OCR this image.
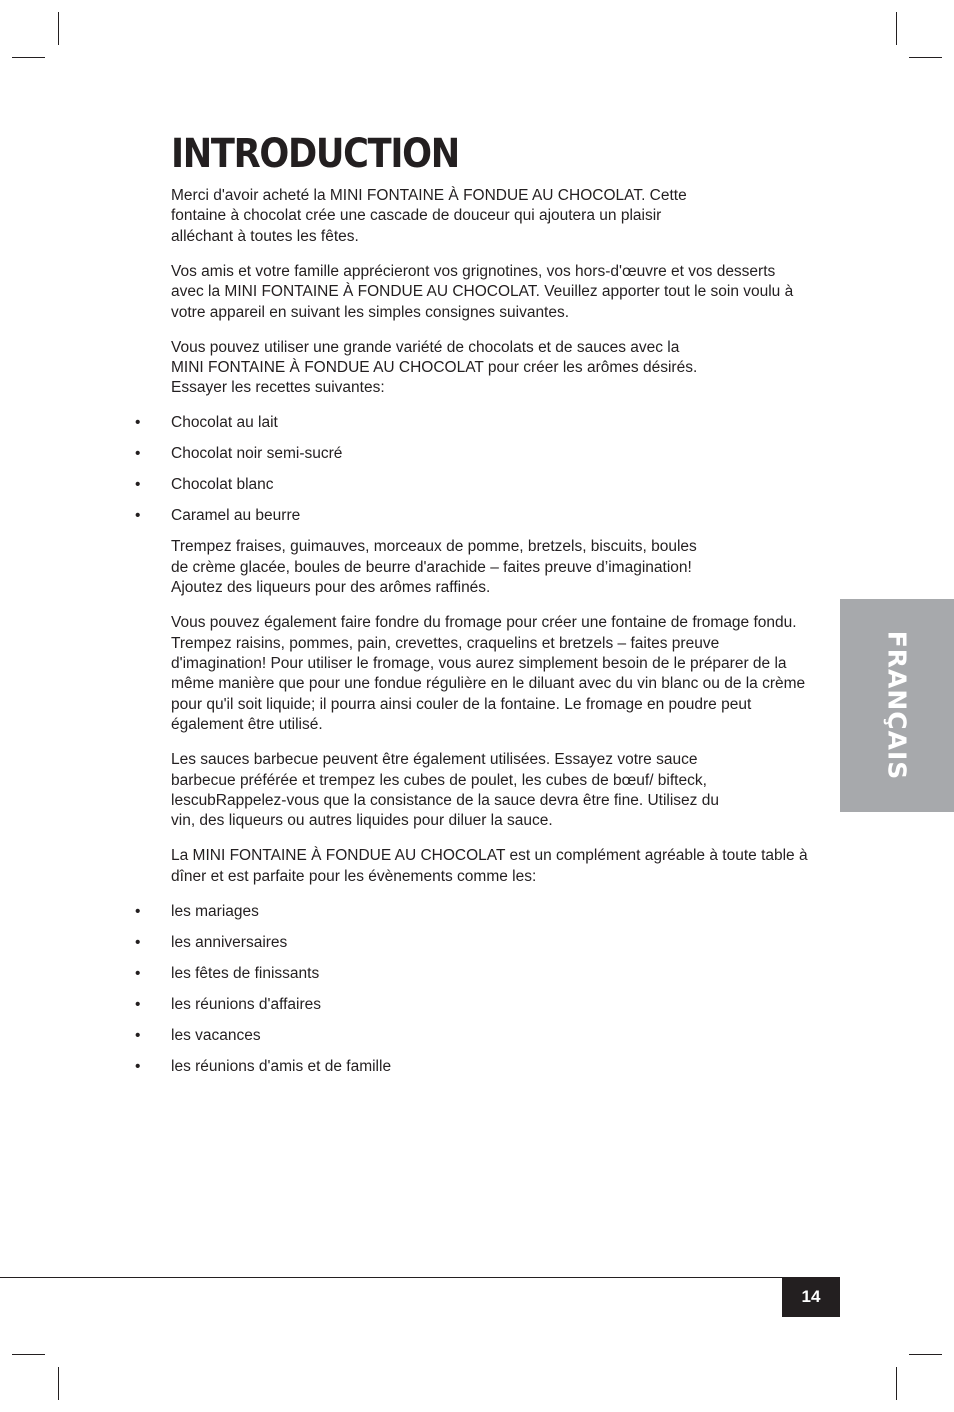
INTRODUCTION

Merci d'avoir acheté la MINI FONTAINE À FONDUE AU CHOCOLAT. Cette fontaine à chocolat crée une cascade de douceur qui ajoutera un plaisir alléchant à toutes les fêtes.

Vos amis et votre famille apprécieront vos grignotines, vos hors-d'œuvre et vos desserts avec la MINI FONTAINE À FONDUE AU CHOCOLAT. Veuillez apporter tout le soin voulu à votre appareil en suivant les simples consignes suivantes.

Vous pouvez utiliser une grande variété de chocolats et de sauces avec la MINI FONTAINE À FONDUE AU CHOCOLAT pour créer les arômes désirés. Essayer les recettes suivantes:

• Chocolat au lait
• Chocolat noir semi-sucré
• Chocolat blanc
• Caramel au beurre

Trempez fraises, guimauves, morceaux de pomme, bretzels, biscuits, boules de crème glacée, boules de beurre d'arachide – faites preuve d’imagination! Ajoutez des liqueurs pour des arômes raffinés.

Vous pouvez également faire fondre du fromage pour créer une fontaine de fromage fondu. Trempez raisins, pommes, pain, crevettes, craquelins et bretzels – faites preuve d'imagination! Pour utiliser le fromage, vous aurez simplement besoin de le préparer de la même manière que pour une fondue régulière en le diluant avec du vin blanc ou de la crème pour qu'il soit liquide; il pourra ainsi couler de la fontaine. Le fromage en poudre peut également être utilisé.

Les sauces barbecue peuvent être également utilisées. Essayez votre sauce barbecue préférée et trempez les cubes de poulet, les cubes de bœuf/ bifteck, lescubRappelez-vous que la consistance de la sauce devra être fine. Utilisez du vin, des liqueurs ou autres liquides pour diluer la sauce.

La MINI FONTAINE À FONDUE AU CHOCOLAT est un complément agréable à toute table à dîner et est parfaite pour les évènements comme les:

• les mariages
• les anniversaires
• les fêtes de finissants
• les réunions d'affaires
• les vacances
• les réunions d'amis et de famille
FRANÇAIS
14
